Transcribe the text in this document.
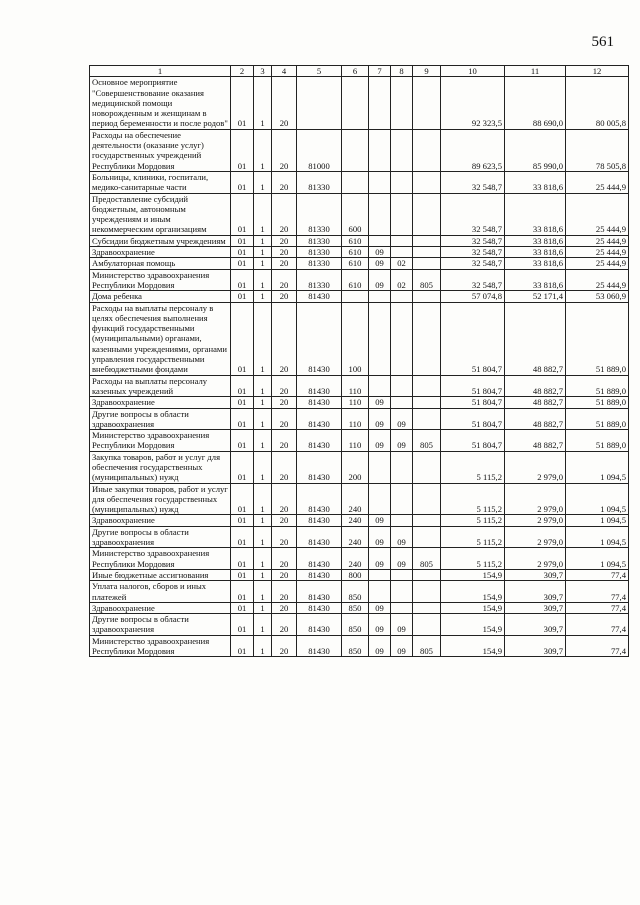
561
1	2	3	4	5	6	7	8	9	10	11	12
Основное мероприятие "Совершенствование оказания медицинской помощи новорожденным и женщинам в период беременности и после родов"	01	1	20						92 323,5	88 690,0	80 005,8
Расходы на обеспечение деятельности (оказание услуг) государственных учреждений Республики Мордовия	01	1	20	81000					89 623,5	85 990,0	78 505,8
Больницы, клиники, госпитали, медико-санитарные части	01	1	20	81330					32 548,7	33 818,6	25 444,9
Предоставление субсидий бюджетным, автономным учреждениям и иным некоммерческим организациям	01	1	20	81330	600				32 548,7	33 818,6	25 444,9
Субсидии бюджетным учреждениям	01	1	20	81330	610				32 548,7	33 818,6	25 444,9
Здравоохранение	01	1	20	81330	610	09			32 548,7	33 818,6	25 444,9
Амбулаторная помощь	01	1	20	81330	610	09	02		32 548,7	33 818,6	25 444,9
Министерство здравоохранения Республики Мордовия	01	1	20	81330	610	09	02	805	32 548,7	33 818,6	25 444,9
Дома ребенка	01	1	20	81430					57 074,8	52 171,4	53 060,9
Расходы на выплаты персоналу в целях обеспечения выполнения функций государственными (муниципальными) органами, казенными учреждениями, органами управления государственными внебюджетными фондами	01	1	20	81430	100				51 804,7	48 882,7	51 889,0
Расходы на выплаты персоналу казенных учреждений	01	1	20	81430	110				51 804,7	48 882,7	51 889,0
Здравоохранение	01	1	20	81430	110	09			51 804,7	48 882,7	51 889,0
Другие вопросы в области здравоохранения	01	1	20	81430	110	09	09		51 804,7	48 882,7	51 889,0
Министерство здравоохранения Республики Мордовия	01	1	20	81430	110	09	09	805	51 804,7	48 882,7	51 889,0
Закупка товаров, работ и услуг для обеспечения государственных (муниципальных) нужд	01	1	20	81430	200				5 115,2	2 979,0	1 094,5
Иные закупки товаров, работ и услуг для обеспечения государственных (муниципальных) нужд	01	1	20	81430	240				5 115,2	2 979,0	1 094,5
Здравоохранение	01	1	20	81430	240	09			5 115,2	2 979,0	1 094,5
Другие вопросы в области здравоохранения	01	1	20	81430	240	09	09		5 115,2	2 979,0	1 094,5
Министерство здравоохранения Республики Мордовия	01	1	20	81430	240	09	09	805	5 115,2	2 979,0	1 094,5
Иные бюджетные ассигнования	01	1	20	81430	800				154,9	309,7	77,4
Уплата налогов, сборов и иных платежей	01	1	20	81430	850				154,9	309,7	77,4
Здравоохранение	01	1	20	81430	850	09			154,9	309,7	77,4
Другие вопросы в области здравоохранения	01	1	20	81430	850	09	09		154,9	309,7	77,4
Министерство здравоохранения Республики Мордовия	01	1	20	81430	850	09	09	805	154,9	309,7	77,4
